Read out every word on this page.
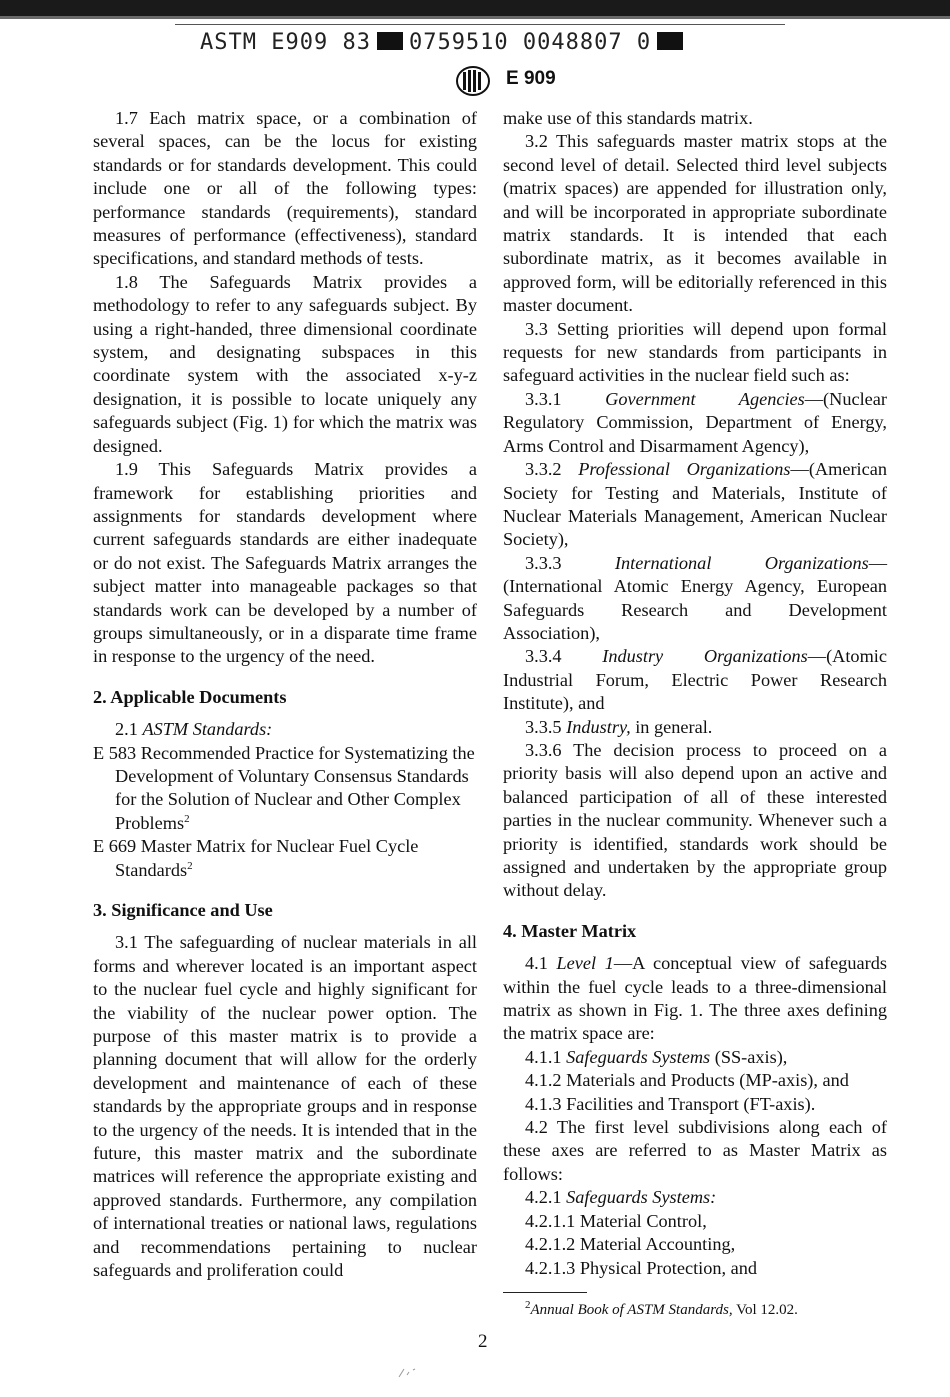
ASTM E909 83 0759510 0048807 0
E 909

1.7 Each matrix space, or a combination of several spaces, can be the locus for existing standards or for standards development. This could include one or all of the following types: performance standards (requirements), standard measures of performance (effectiveness), standard specifications, and standard methods of tests.

1.8 The Safeguards Matrix provides a methodology to refer to any safeguards subject. By using a right-handed, three dimensional coordinate system, and designating subspaces in this coordinate system with the associated x-y-z designation, it is possible to locate uniquely any safeguards subject (Fig. 1) for which the matrix was designed.

1.9 This Safeguards Matrix provides a framework for establishing priorities and assignments for standards development where current safeguards standards are either inadequate or do not exist. The Safeguards Matrix arranges the subject matter into manageable packages so that standards work can be developed by a number of groups simultaneously, or in a disparate time frame in response to the urgency of the need.

2. Applicable Documents

2.1 ASTM Standards:

E 583 Recommended Practice for Systematizing the Development of Voluntary Consensus Standards for the Solution of Nuclear and Other Complex Problems$^2$

E 669 Master Matrix for Nuclear Fuel Cycle Standards$^2$

3. Significance and Use

3.1 The safeguarding of nuclear materials in all forms and wherever located is an important aspect to the nuclear fuel cycle and highly significant for the viability of the nuclear power option. The purpose of this master matrix is to provide a planning document that will allow for the orderly development and maintenance of each of these standards by the appropriate groups and in response to the urgency of the needs. It is intended that in the future, this master matrix and the subordinate matrices will reference the appropriate existing and approved standards. Furthermore, any compilation of international treaties or national laws, regulations and recommendations pertaining to nuclear safeguards and proliferation could

make use of this standards matrix.

3.2 This safeguards master matrix stops at the second level of detail. Selected third level subjects (matrix spaces) are appended for illustration only, and will be incorporated in appropriate subordinate matrix standards. It is intended that each subordinate matrix, as it becomes available in approved form, will be editorially referenced in this master document.

3.3 Setting priorities will depend upon formal requests for new standards from participants in safeguard activities in the nuclear field such as:

3.3.1 Government Agencies—(Nuclear Regulatory Commission, Department of Energy, Arms Control and Disarmament Agency),

3.3.2 Professional Organizations—(American Society for Testing and Materials, Institute of Nuclear Materials Management, American Nuclear Society),

3.3.3	International Organizations—(International Atomic Energy Agency, European Safeguards Research and Development Association),

3.3.4 Industry Organizations—(Atomic Industrial Forum, Electric Power Research Institute), and

3.3.5 Industry, in general.

3.3.6 The decision process to proceed on a priority basis will also depend upon an active and balanced participation of all of these interested parties in the nuclear community. Whenever such a priority is identified, standards work should be assigned and undertaken by the appropriate group without delay.

4. Master Matrix

4.1 Level 1—A conceptual view of safeguards within the fuel cycle leads to a three-dimensional matrix as shown in Fig. 1. The three axes defining the matrix space are:

4.1.1 Safeguards Systems (SS-axis),

4.1.2 Materials and Products (MP-axis), and

4.1.3 Facilities and Transport (FT-axis).

4.2 The first level subdivisions along each of these axes are referred to as Master Matrix as follows:

4.2.1 Safeguards Systems:

4.2.1.1 Material Control,

4.2.1.2 Material Accounting,

4.2.1.3 Physical Protection, and

$^2$Annual Book of ASTM Standards, Vol 12.02.
2
